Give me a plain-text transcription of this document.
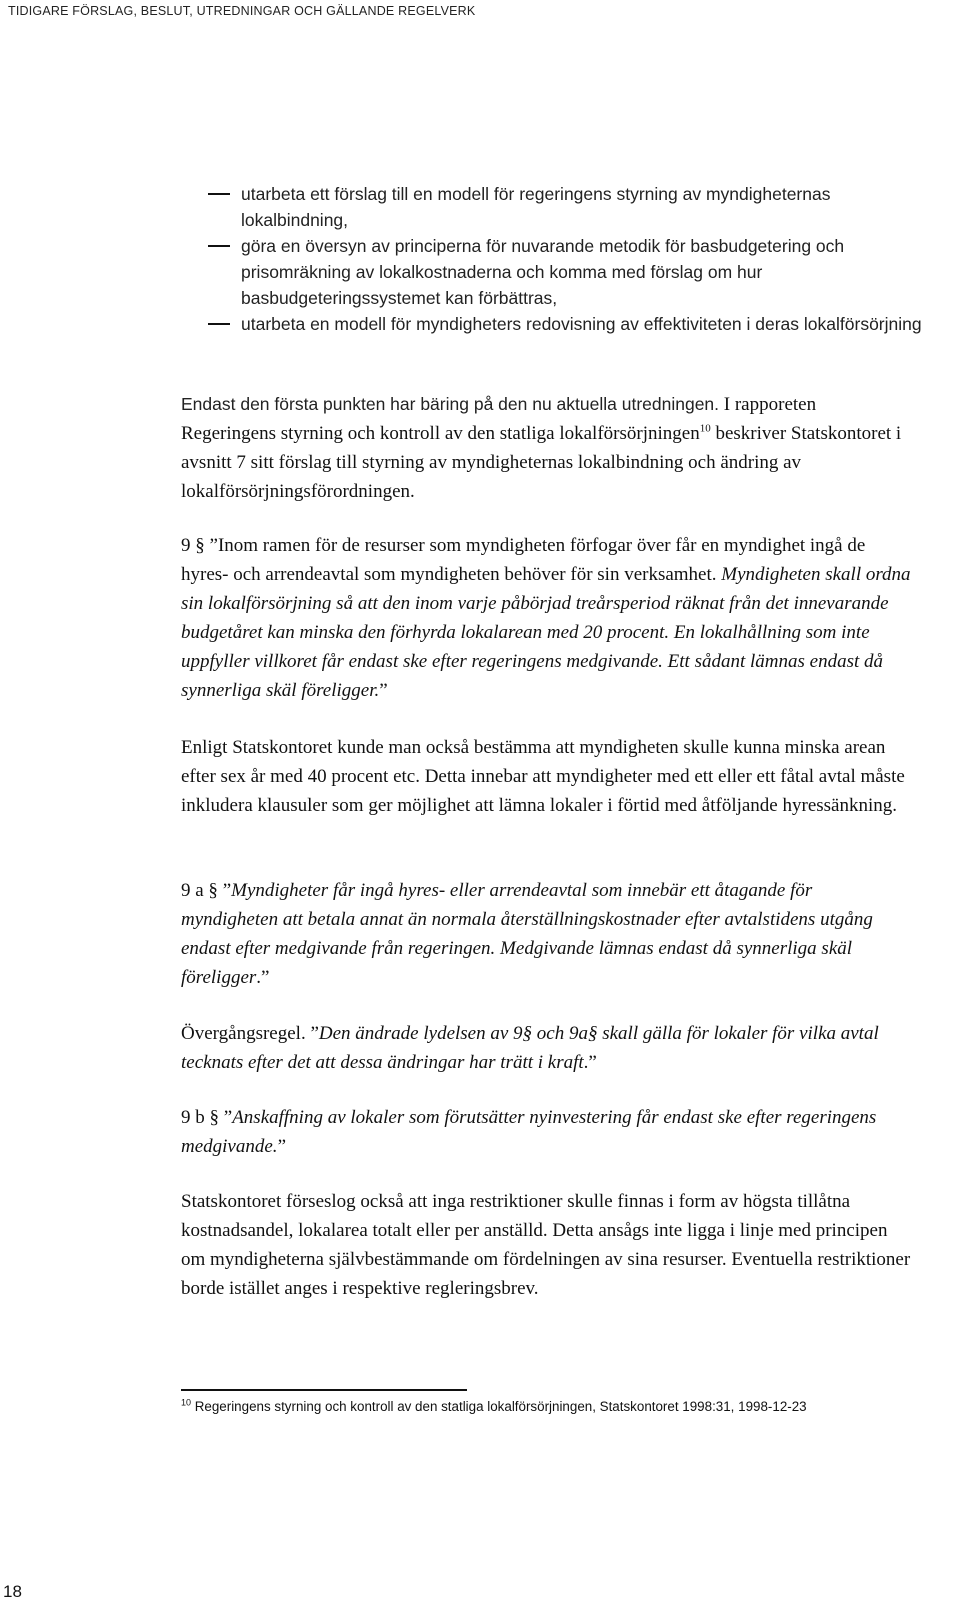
TIDIGARE FÖRSLAG, BESLUT, UTREDNINGAR OCH GÄLLANDE REGELVERK
utarbeta ett förslag till en modell för regeringens styrning av myndigheternas lokalbindning,
göra en översyn av principerna för nuvarande metodik för basbudgetering och prisomräkning av lokalkostnaderna och komma med förslag om hur basbudgeteringssystemet kan förbättras,
utarbeta en modell för myndigheters redovisning av effektiviteten i deras lokalförsörjning

Endast den första punkten har bäring på den nu aktuella utredningen. I rapporeten Regeringens styrning och kontroll av den statliga lokalförsörjningen$^{10}$ beskriver Statskontoret i avsnitt 7 sitt förslag till styrning av myndigheternas lokalbindning och ändring av lokalförsörjningsförordningen.

9 § ”Inom ramen för de resurser som myndigheten förfogar över får en myndighet ingå de hyres- och arrendeavtal som myndigheten behöver för sin verksamhet. Myndigheten skall ordna sin lokalförsörjning så att den inom varje påbörjad treårsperiod räknat från det innevarande budgetåret kan minska den förhyrda lokalarean med 20 procent. En lokalhållning som inte uppfyller villkoret får endast ske efter regeringens medgivande. Ett sådant lämnas endast då synnerliga skäl föreligger.”

Enligt Statskontoret kunde man också bestämma att myndigheten skulle kunna minska arean efter sex år med 40 procent etc. Detta innebar att myndigheter med ett eller ett fåtal avtal måste inkludera klausuler som ger möjlighet att lämna lokaler i förtid med åtföljande hyressänkning.

9 a § ”Myndigheter får ingå hyres- eller arrendeavtal som innebär ett åtagande för myndigheten att betala annat än normala återställningskostnader efter avtalstidens utgång endast efter medgivande från regeringen. Medgivande lämnas endast då synnerliga skäl föreligger.”

Övergångsregel. ”Den ändrade lydelsen av 9§ och 9a§ skall gälla för lokaler för vilka avtal tecknats efter det att dessa ändringar har trätt i kraft.”

9 b § ”Anskaffning av lokaler som förutsätter nyinvestering får endast ske efter regeringens medgivande.”

Statskontoret förseslog också att inga restriktioner skulle finnas i form av högsta tillåtna kostnadsandel, lokalarea totalt eller per anställd. Detta ansågs inte ligga i linje med principen om myndigheterna självbestämmande om fördelningen av sina resurser. Eventuella restriktioner borde istället anges i respektive regleringsbrev.

$^{10}$ Regeringens styrning och kontroll av den statliga lokalförsörjningen, Statskontoret 1998:31, 1998-12-23
18
